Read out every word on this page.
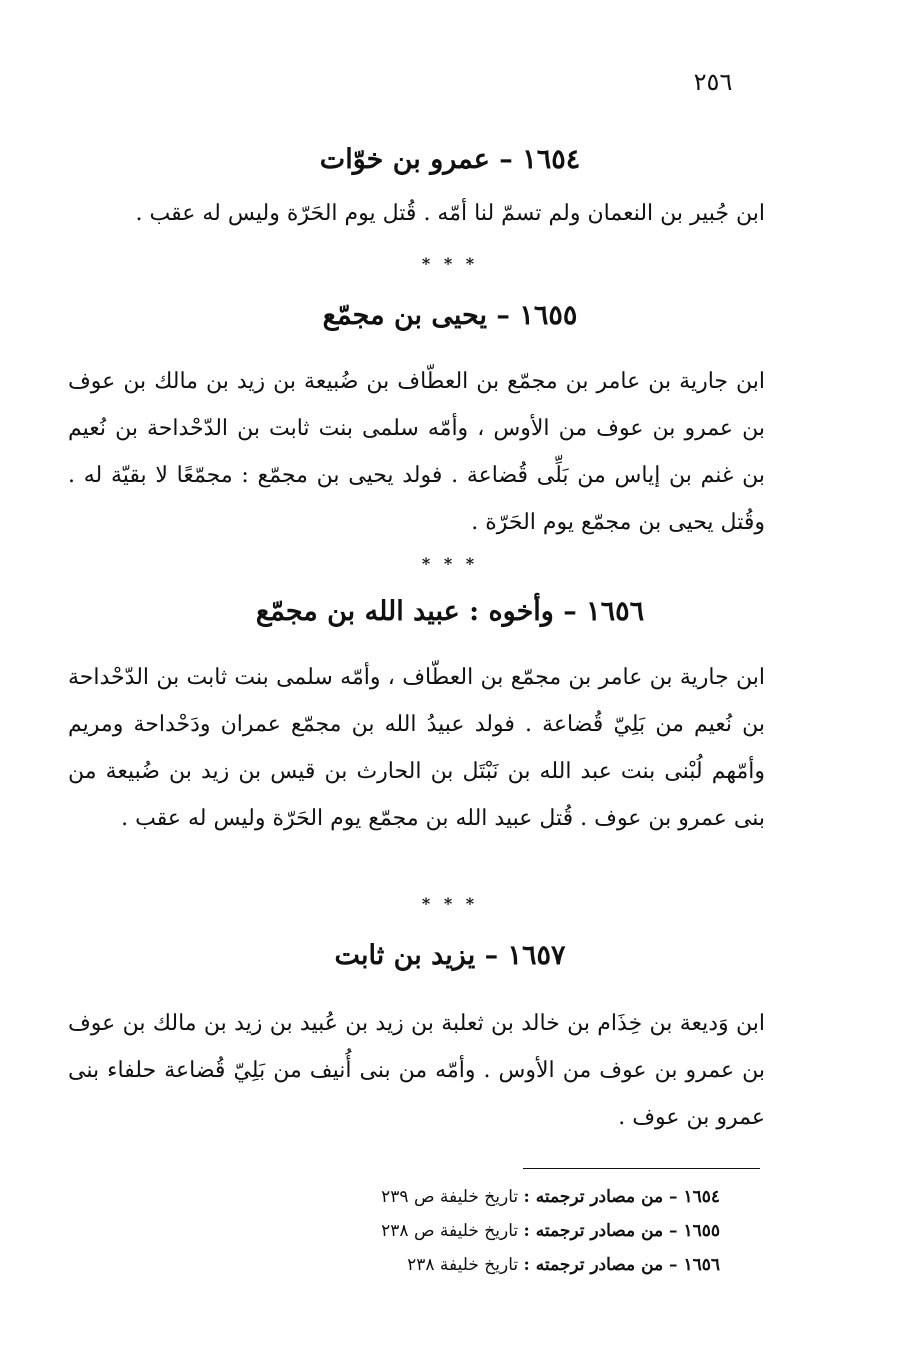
٢٥٦
١٦٥٤ – عمرو بن خوّات
ابن جُبير بن النعمان ولم تسمّ لنا أمّه . قُتل يوم الحَرّة وليس له عقب .
* * *
١٦٥٥ – يحيى بن مجمّع
ابن جارية بن عامر بن مجمّع بن العطّاف بن ضُبيعة بن زيد بن مالك بن عوف بن عمرو بن عوف من الأوس ، وأمّه سلمى بنت ثابت بن الدّحْداحة بن نُعيم بن غنم بن إياس من بَلِّى قُضاعة . فولد يحيى بن مجمّع : مجمّعًا لا بقيّة له . وقُتل يحيى بن مجمّع يوم الحَرّة .
* * *
١٦٥٦ – وأخوه : عبيد الله بن مجمّع
ابن جارية بن عامر بن مجمّع بن العطّاف ، وأمّه سلمى بنت ثابت بن الدّحْداحة بن نُعيم من بَلِيّ قُضاعة . فولد عبيدُ الله بن مجمّع عمران ودَحْداحة ومريم وأمّهم لُبْنى بنت عبد الله بن نَبْتَل بن الحارث بن قيس بن زيد بن ضُبيعة من بنى عمرو بن عوف . قُتل عبيد الله بن مجمّع يوم الحَرّة وليس له عقب .
* * *
١٦٥٧ – يزيد بن ثابت
ابن وَديعة بن خِذَام بن خالد بن ثعلبة بن زيد بن عُبيد بن زيد بن مالك بن عوف بن عمرو بن عوف من الأوس . وأمّه من بنى أُنيف من بَلِيّ قُضاعة حلفاء بنى عمرو بن عوف .
١٦٥٤ – من مصادر ترجمته : تاريخ خليفة ص ٢٣٩
١٦٥٥ – من مصادر ترجمته : تاريخ خليفة ص ٢٣٨
١٦٥٦ – من مصادر ترجمته : تاريخ خليفة ٢٣٨
